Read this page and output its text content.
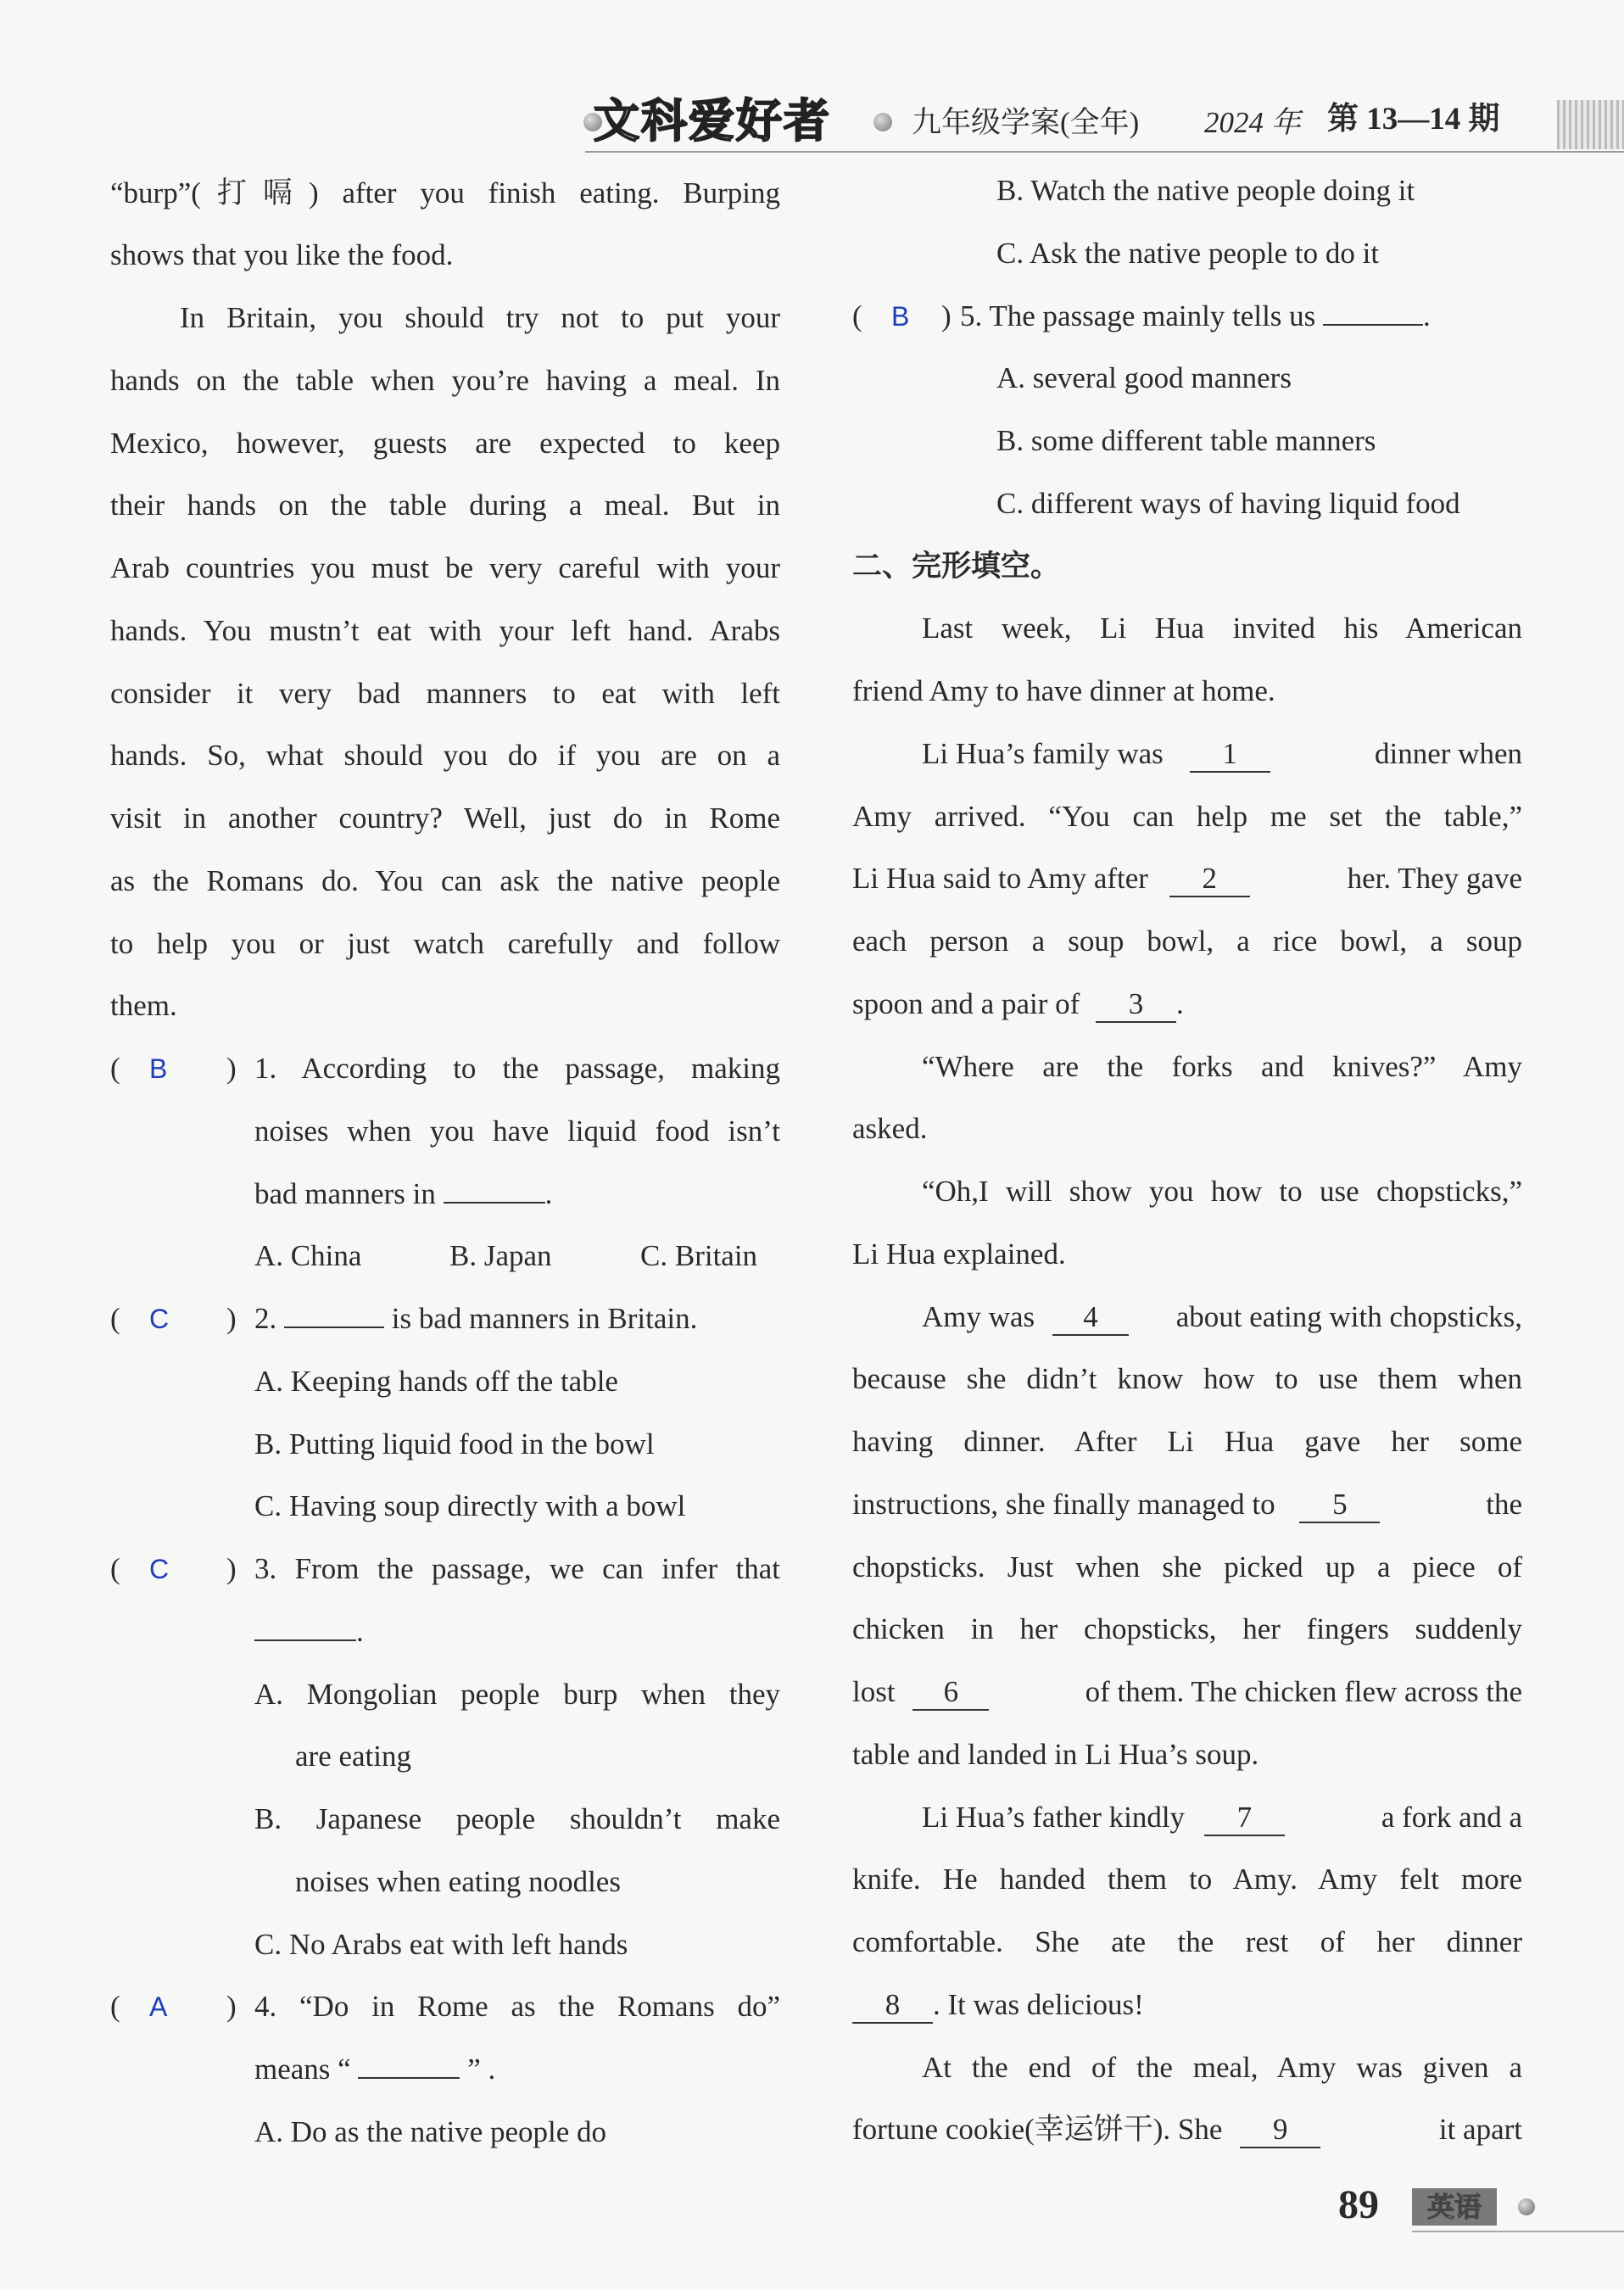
文科爱好者	九年级学案(全年) 2024 年 第 13—14 期
“burp”(打嗝) after you finish eating. Burping
shows that you like the food.
In Britain, you should try not to put your
hands on the table when you’re having a meal. In
Mexico, however, guests are expected to keep
their hands on the table during a meal. But in
Arab countries you must be very careful with your
hands. You mustn’t eat with your left hand. Arabs
consider it very bad manners to eat with left
hands. So, what should you do if you are on a
visit in another country? Well, just do in Rome
as the Romans do. You can ask the native people
to help you or just watch carefully and follow
them.
( B ) 1. According to the passage, making
noises when you have liquid food isn’t
bad manners in	.
A. China	B. Japan	C. Britain
( C ) 2.	is bad manners in Britain.
A. Keeping hands off the table
B. Putting liquid food in the bowl
C. Having soup directly with a bowl
( C ) 3. From the passage, we can infer that
.
A. Mongolian people burp when they
are eating
B. Japanese people shouldn’t make
noises when eating noodles
C. No Arabs eat with left hands
( A ) 4. “Do in Rome as the Romans do”
means “	” .
A. Do as the native people do
B. Watch the native people doing it
C. Ask the native people to do it
( B ) 5. The passage mainly tells us	.
A. several good manners
B. some different table manners
C. different ways of having liquid food
二、完形填空。
Last week, Li Hua invited his American
friend Amy to have dinner at home.
Li Hua’s family was 1	dinner when
Amy arrived. “You can help me set the table,”
Li Hua said to Amy after 2	her. They gave
each person a soup bowl, a rice bowl, a soup
spoon and a pair of 3 .
“Where are the forks and knives?” Amy
asked.
“Oh,I will show you how to use chopsticks,”
Li Hua explained.
Amy was 4	about eating with chopsticks,
because she didn’t know how to use them when
having dinner. After Li Hua gave her some
instructions, she finally managed to 5	the
chopsticks. Just when she picked up a piece of
chicken in her chopsticks, her fingers suddenly
lost 6	of them. The chicken flew across the
table and landed in Li Hua’s soup.
Li Hua’s father kindly 7	a fork and a
knife. He handed them to Amy. Amy felt more
comfortable. She ate the rest of her dinner
8 . It was delicious!
At the end of the meal, Amy was given a
fortune cookie(幸运饼干). She 9	it apart
89	英语
